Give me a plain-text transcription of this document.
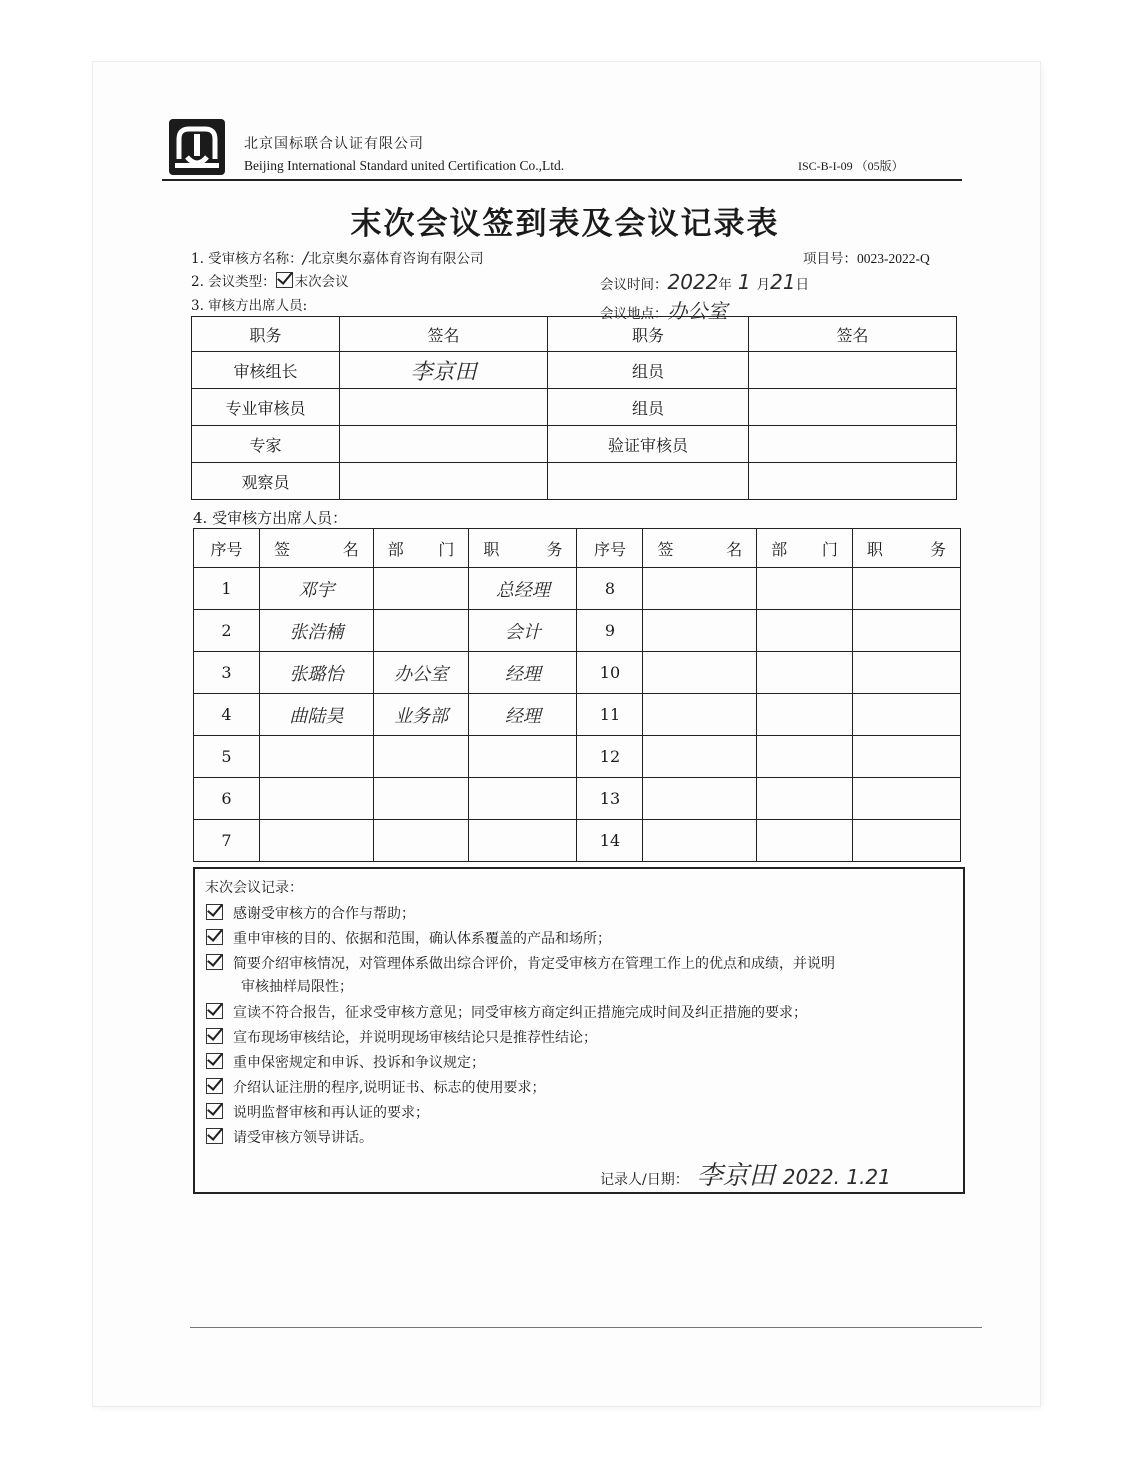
北京国标联合认证有限公司
Beijing International Standard united Certification Co.,Ltd.	ISC-B-I-09 （05版）
末次会议签到表及会议记录表
1. 受审核方名称：/北京奥尔嘉体育咨询有限公司	项目号：0023-2022-Q
2. 会议类型： 末次会议	会议时间：2022年 1 月21日
3. 审核方出席人员:	会议地点：办公室
职务	签名	职务	签名
审核组长	李京田	组员	
专业审核员		组员	
专家		验证审核员	
观察员			
4. 受审核方出席人员：
序号	签 名	部 门	职 务	序号	签 名	部 门	职 务

1	邓宇		总经理	8			
2	张浩楠		会计	9			
3	张璐怡	办公室	经理	10			
4	曲陆昊	业务部	经理	11			
5				12			
6				13			
7				14			
末次会议记录：
感谢受审核方的合作与帮助；
重申审核的目的、依据和范围，确认体系覆盖的产品和场所；
简要介绍审核情况，对管理体系做出综合评价，肯定受审核方在管理工作上的优点和成绩，并说明
审核抽样局限性；
宣读不符合报告，征求受审核方意见；同受审核方商定纠正措施完成时间及纠正措施的要求；
宣布现场审核结论，并说明现场审核结论只是推荐性结论；
重申保密规定和申诉、投诉和争议规定；
介绍认证注册的程序,说明证书、标志的使用要求；
说明监督审核和再认证的要求；
请受审核方领导讲话。
记录人/日期： 李京田 2022. 1.21
